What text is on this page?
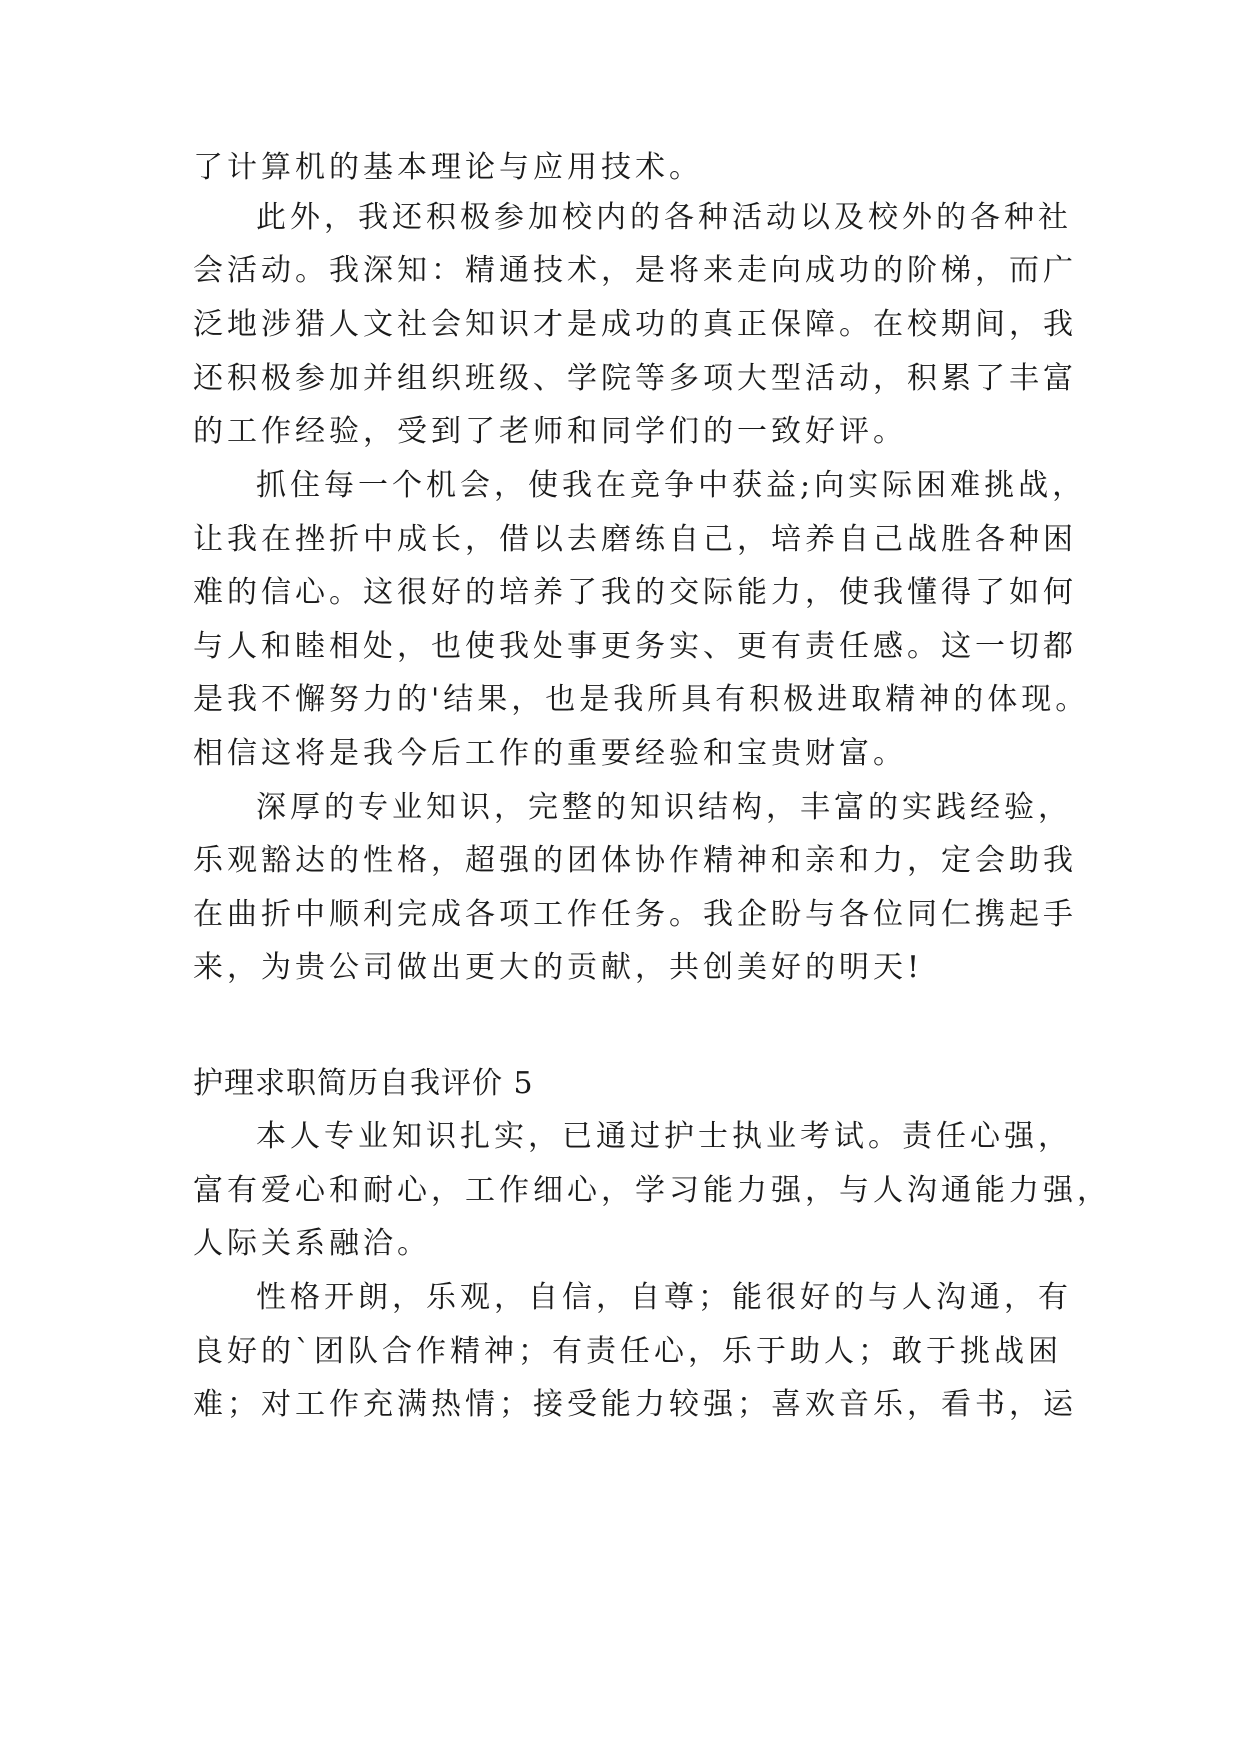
了计算机的基本理论与应用技术。
此外，我还积极参加校内的各种活动以及校外的各种社
会活动。我深知：精通技术，是将来走向成功的阶梯，而广
泛地涉猎人文社会知识才是成功的真正保障。在校期间，我
还积极参加并组织班级、学院等多项大型活动，积累了丰富
的工作经验，受到了老师和同学们的一致好评。
抓住每一个机会，使我在竞争中获益;向实际困难挑战，
让我在挫折中成长，借以去磨练自己，培养自己战胜各种困
难的信心。这很好的培养了我的交际能力，使我懂得了如何
与人和睦相处，也使我处事更务实、更有责任感。这一切都
是我不懈努力的'结果，也是我所具有积极进取精神的体现。
相信这将是我今后工作的重要经验和宝贵财富。
深厚的专业知识，完整的知识结构，丰富的实践经验，
乐观豁达的性格，超强的团体协作精神和亲和力，定会助我
在曲折中顺利完成各项工作任务。我企盼与各位同仁携起手
来，为贵公司做出更大的贡献，共创美好的明天!
护理求职简历自我评价 5
本人专业知识扎实，已通过护士执业考试。责任心强，
富有爱心和耐心，工作细心，学习能力强，与人沟通能力强，
人际关系融洽。
性格开朗，乐观，自信，自尊；能很好的与人沟通，有
良好的`团队合作精神；有责任心，乐于助人；敢于挑战困
难；对工作充满热情；接受能力较强；喜欢音乐，看书，运
